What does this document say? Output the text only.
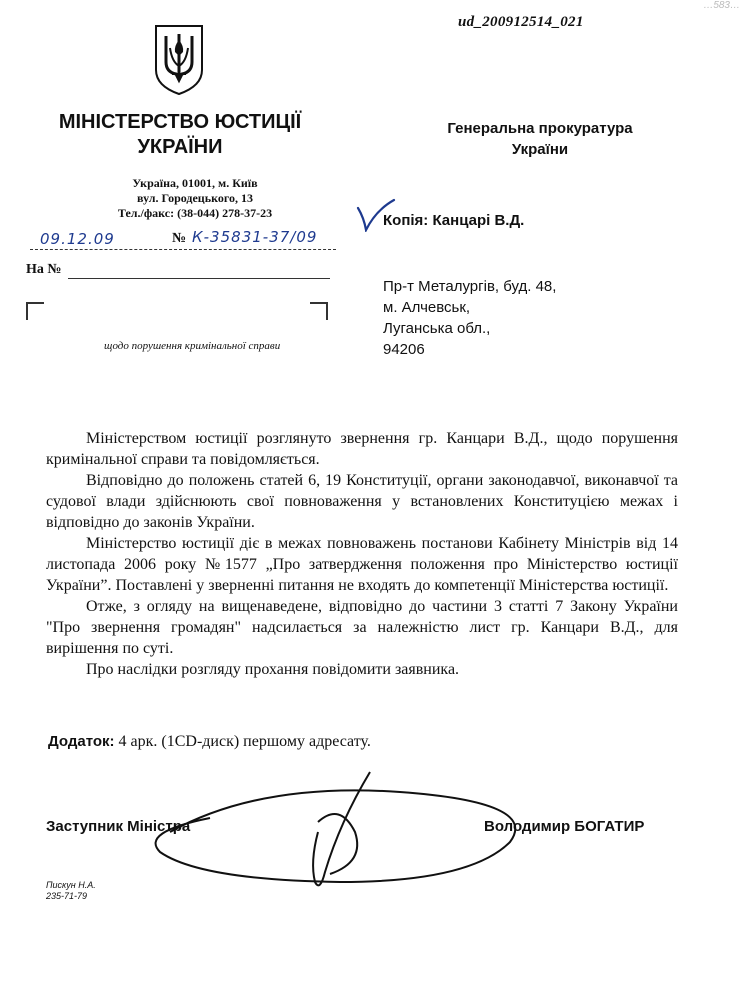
…583…
ud_200912514_021
МІНІСТЕРСТВО ЮСТИЦІЇ
УКРАЇНИ
Україна, 01001, м. Київ
вул. Городецького, 13
Тел./факс: (38-044) 278-37-23
09.12.09	№ К-35831-37/09
На №
щодо порушення кримінальної справи
Генеральна прокуратура
України
Копія: Канцарі В.Д.
Пр-т Металургів, буд. 48,
м. Алчевськ,
Луганська обл.,
94206

Міністерством юстиції розглянуто звернення гр. Канцари В.Д., щодо порушення кримінальної справи та повідомляється.

Відповідно до положень статей 6, 19 Конституції, органи законодавчої, виконавчої та судової влади здійснюють свої повноваження у встановлених Конституцією межах і відповідно до законів України.

Міністерство юстиції діє в межах повноважень постанови Кабінету Міністрів від 14 листопада 2006 року №1577 „Про затвердження положення про Міністерство юстиції України”. Поставлені у зверненні питання не входять до компетенції Міністерства юстиції.

Отже, з огляду на вищенаведене, відповідно до частини 3 статті 7 Закону України "Про звернення громадян" надсилається за належністю лист гр. Канцари В.Д., для вирішення по суті.

Про наслідки розгляду прохання повідомити заявника.

Додаток: 4 арк. (1CD-диск) першому адресату.
Заступник Міністра	Володимир БОГАТИР
Пискун Н.А.
235-71-79
